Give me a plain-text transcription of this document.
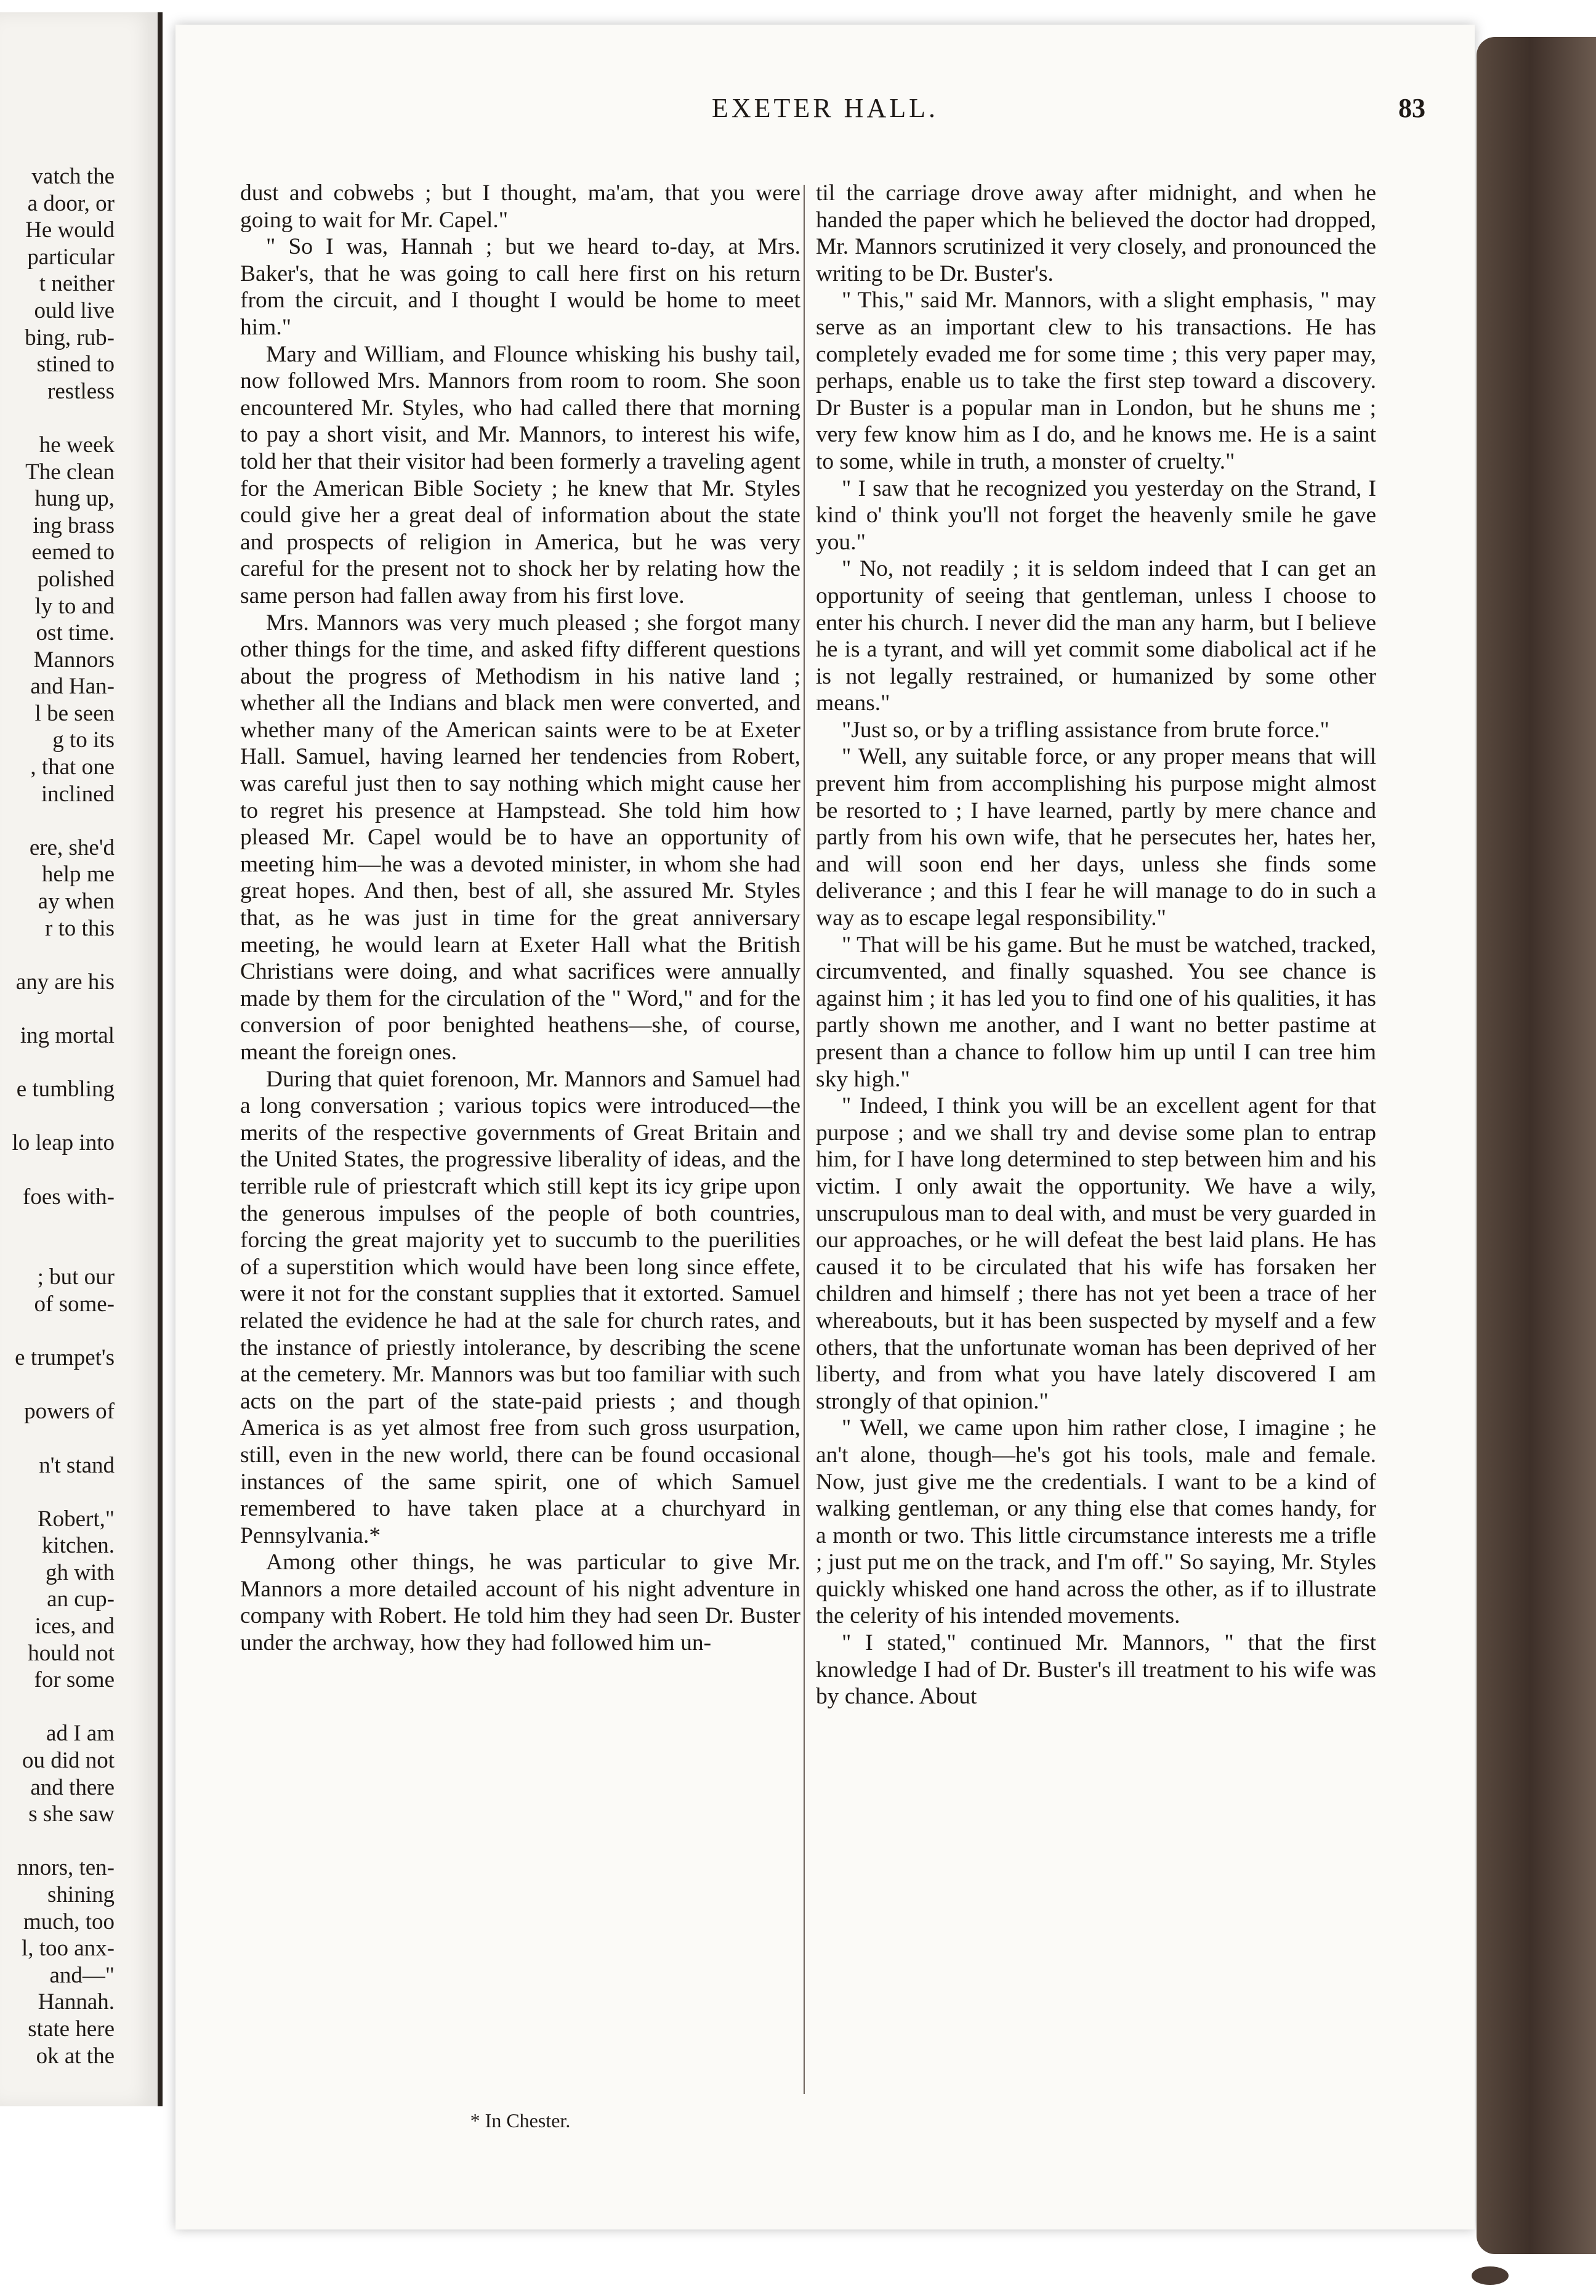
vatch the
a door, or
He would
particular
t neither
ould live
bing, rub-
stined to
restless
he week
The clean
hung up,
ing brass
eemed to
polished
ly to and
ost time.
Mannors
and Han-
l be seen
g to its
, that one
inclined
ere, she'd
help me
ay when
r to this
any are his
ing mortal
e tumbling
lo leap into
foes with-
; but our
of some-
e trumpet's
powers of
n't stand
Robert,"
kitchen.
gh with
an cup-
ices, and
hould not
for some
ad I am
ou did not
and there
s she saw
nnors, ten-
shining
much, too
l, too anx-
and—"
Hannah.
state here
ok at the
EXETER HALL.	83

dust and cobwebs ; but I thought, ma'am, that you were going to wait for Mr. Capel."

" So I was, Hannah ; but we heard to-day, at Mrs. Baker's, that he was going to call here first on his return from the circuit, and I thought I would be home to meet him."

Mary and William, and Flounce whisking his bushy tail, now followed Mrs. Mannors from room to room. She soon encountered Mr. Styles, who had called there that morning to pay a short visit, and Mr. Mannors, to interest his wife, told her that their visitor had been formerly a traveling agent for the American Bible Society ; he knew that Mr. Styles could give her a great deal of information about the state and prospects of religion in America, but he was very careful for the present not to shock her by relating how the same person had fallen away from his first love.

Mrs. Mannors was very much pleased ; she forgot many other things for the time, and asked fifty different questions about the progress of Methodism in his native land ; whether all the Indians and black men were converted, and whether many of the American saints were to be at Exeter Hall. Samuel, having learned her tendencies from Robert, was careful just then to say nothing which might cause her to regret his presence at Hampstead. She told him how pleased Mr. Capel would be to have an opportunity of meeting him—he was a devoted minister, in whom she had great hopes. And then, best of all, she assured Mr. Styles that, as he was just in time for the great anniversary meeting, he would learn at Exeter Hall what the British Christians were doing, and what sacrifices were annually made by them for the circulation of the " Word," and for the conversion of poor benighted heathens—she, of course, meant the foreign ones.

During that quiet forenoon, Mr. Mannors and Samuel had a long conversation ; various topics were introduced—the merits of the respective governments of Great Britain and the United States, the progressive liberality of ideas, and the terrible rule of priestcraft which still kept its icy gripe upon the generous impulses of the people of both countries, forcing the great majority yet to succumb to the puerilities of a superstition which would have been long since effete, were it not for the constant supplies that it extorted. Samuel related the evidence he had at the sale for church rates, and the instance of priestly intolerance, by describing the scene at the cemetery. Mr. Mannors was but too familiar with such acts on the part of the state-paid priests ; and though America is as yet almost free from such gross usurpation, still, even in the new world, there can be found occasional instances of the same spirit, one of which Samuel remembered to have taken place at a churchyard in Pennsylvania.*

Among other things, he was particular to give Mr. Mannors a more detailed account of his night adventure in company with Robert. He told him they had seen Dr. Buster under the archway, how they had followed him un-

til the carriage drove away after midnight, and when he handed the paper which he believed the doctor had dropped, Mr. Mannors scrutinized it very closely, and pronounced the writing to be Dr. Buster's.

" This," said Mr. Mannors, with a slight emphasis, " may serve as an important clew to his transactions. He has completely evaded me for some time ; this very paper may, perhaps, enable us to take the first step toward a discovery. Dr Buster is a popular man in London, but he shuns me ; very few know him as I do, and he knows me. He is a saint to some, while in truth, a monster of cruelty."

" I saw that he recognized you yesterday on the Strand, I kind o' think you'll not forget the heavenly smile he gave you."

" No, not readily ; it is seldom indeed that I can get an opportunity of seeing that gentleman, unless I choose to enter his church. I never did the man any harm, but I believe he is a tyrant, and will yet commit some diabolical act if he is not legally restrained, or humanized by some other means."

"Just so, or by a trifling assistance from brute force."

" Well, any suitable force, or any proper means that will prevent him from accomplishing his purpose might almost be resorted to ; I have learned, partly by mere chance and partly from his own wife, that he persecutes her, hates her, and will soon end her days, unless she finds some deliverance ; and this I fear he will manage to do in such a way as to escape legal responsibility."

" That will be his game. But he must be watched, tracked, circumvented, and finally squashed. You see chance is against him ; it has led you to find one of his qualities, it has partly shown me another, and I want no better pastime at present than a chance to follow him up until I can tree him sky high."

" Indeed, I think you will be an excellent agent for that purpose ; and we shall try and devise some plan to entrap him, for I have long determined to step between him and his victim. I only await the opportunity. We have a wily, unscrupulous man to deal with, and must be very guarded in our approaches, or he will defeat the best laid plans. He has caused it to be circulated that his wife has forsaken her children and himself ; there has not yet been a trace of her whereabouts, but it has been suspected by myself and a few others, that the unfortunate woman has been deprived of her liberty, and from what you have lately discovered I am strongly of that opinion."

" Well, we came upon him rather close, I imagine ; he an't alone, though—he's got his tools, male and female. Now, just give me the credentials. I want to be a kind of walking gentleman, or any thing else that comes handy, for a month or two. This little circumstance interests me a trifle ; just put me on the track, and I'm off." So saying, Mr. Styles quickly whisked one hand across the other, as if to illustrate the celerity of his intended movements.

" I stated," continued Mr. Mannors, " that the first knowledge I had of Dr. Buster's ill treatment to his wife was by chance. About

* In Chester.
